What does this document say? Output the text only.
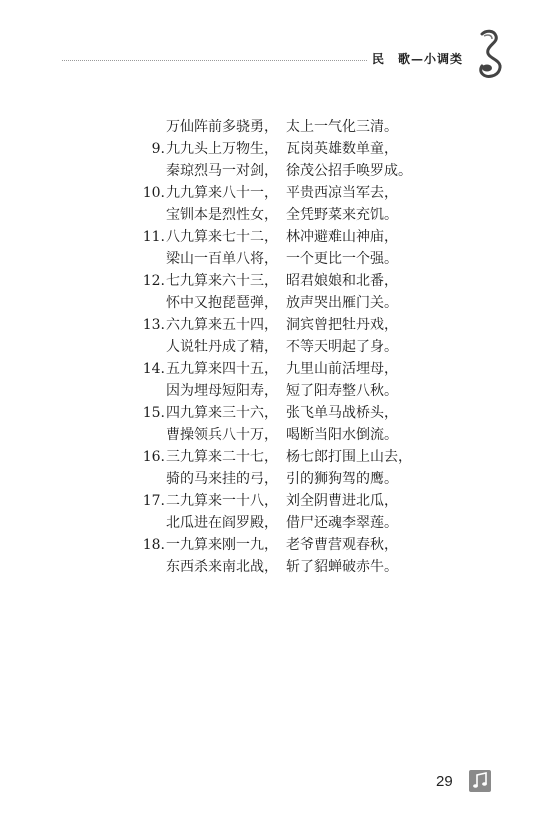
民　歌—小调类
万仙阵前多骁勇， 太上一气化三清。
9. 九九头上万物生， 瓦岗英雄数单童，
秦琼烈马一对剑， 徐茂公招手唤罗成。
10. 九九算来八十一， 平贵西凉当军去，
宝钏本是烈性女， 全凭野菜来充饥。
11. 八九算来七十二， 林冲避难山神庙，
梁山一百单八将， 一个更比一个强。
12. 七九算来六十三， 昭君娘娘和北番，
怀中又抱琵琶弹， 放声哭出雁门关。
13. 六九算来五十四， 洞宾曾把牡丹戏，
人说牡丹成了精， 不等天明起了身。
14. 五九算来四十五， 九里山前活埋母，
因为埋母短阳寿， 短了阳寿整八秋。
15. 四九算来三十六， 张飞单马战桥头，
曹操领兵八十万， 喝断当阳水倒流。
16. 三九算来二十七， 杨七郎打围上山去，
骑的马来挂的弓， 引的狮狗驾的鹰。
17. 二九算来一十八， 刘全阴曹进北瓜，
北瓜进在阎罗殿， 借尸还魂李翠莲。
18. 一九算来刚一九， 老爷曹营观春秋，
东西杀来南北战， 斩了貂蝉破赤牛。
29
